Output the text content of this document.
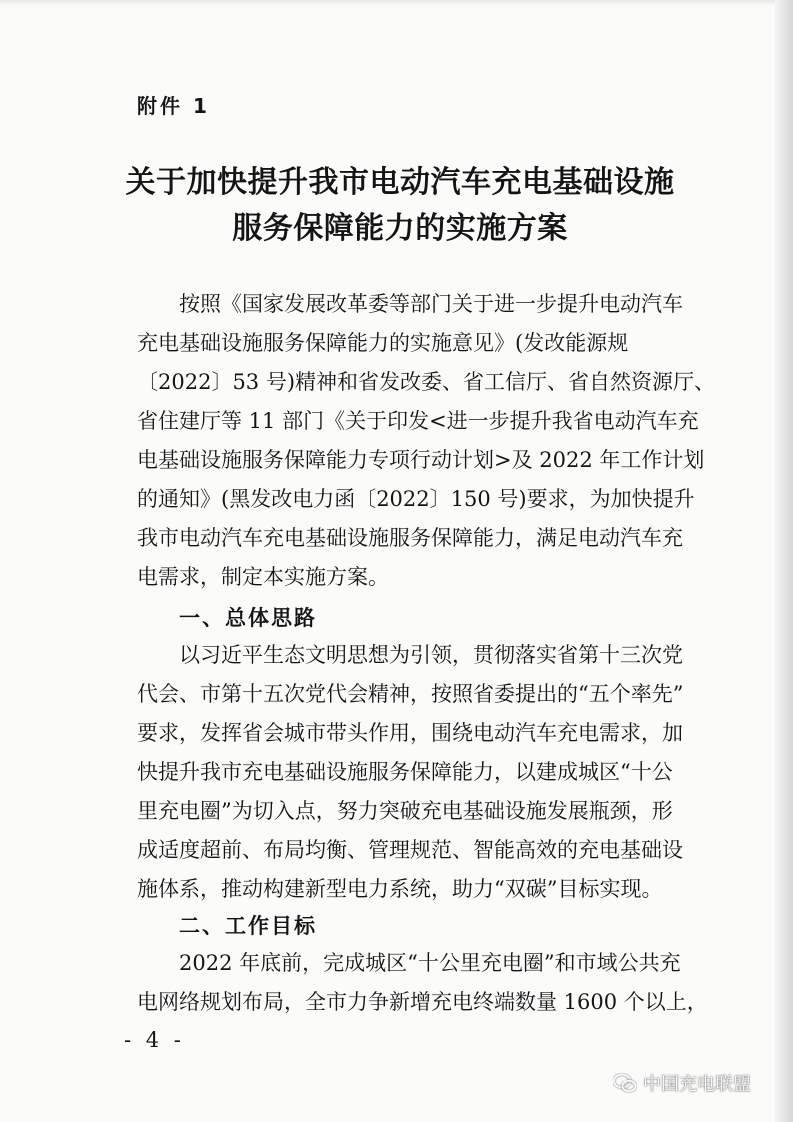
附件 1
关于加快提升我市电动汽车充电基础设施
服务保障能力的实施方案
按照《国家发展改革委等部门关于进一步提升电动汽车
充电基础设施服务保障能力的实施意见》(发改能源规
〔2022〕53 号)精神和省发改委、省工信厅、省自然资源厅、
省住建厅等 11 部门《关于印发<进一步提升我省电动汽车充
电基础设施服务保障能力专项行动计划>及 2022 年工作计划
的通知》(黑发改电力函〔2022〕150 号)要求，为加快提升
我市电动汽车充电基础设施服务保障能力，满足电动汽车充
电需求，制定本实施方案。
一、总体思路
以习近平生态文明思想为引领，贯彻落实省第十三次党
代会、市第十五次党代会精神，按照省委提出的“五个率先”
要求，发挥省会城市带头作用，围绕电动汽车充电需求，加
快提升我市充电基础设施服务保障能力，以建成城区“十公
里充电圈”为切入点，努力突破充电基础设施发展瓶颈，形
成适度超前、布局均衡、管理规范、智能高效的充电基础设
施体系，推动构建新型电力系统，助力“双碳”目标实现。
二、工作目标
2022 年底前，完成城区“十公里充电圈”和市域公共充
电网络规划布局，全市力争新增充电终端数量 1600 个以上，
- 4 -
中国充电联盟
